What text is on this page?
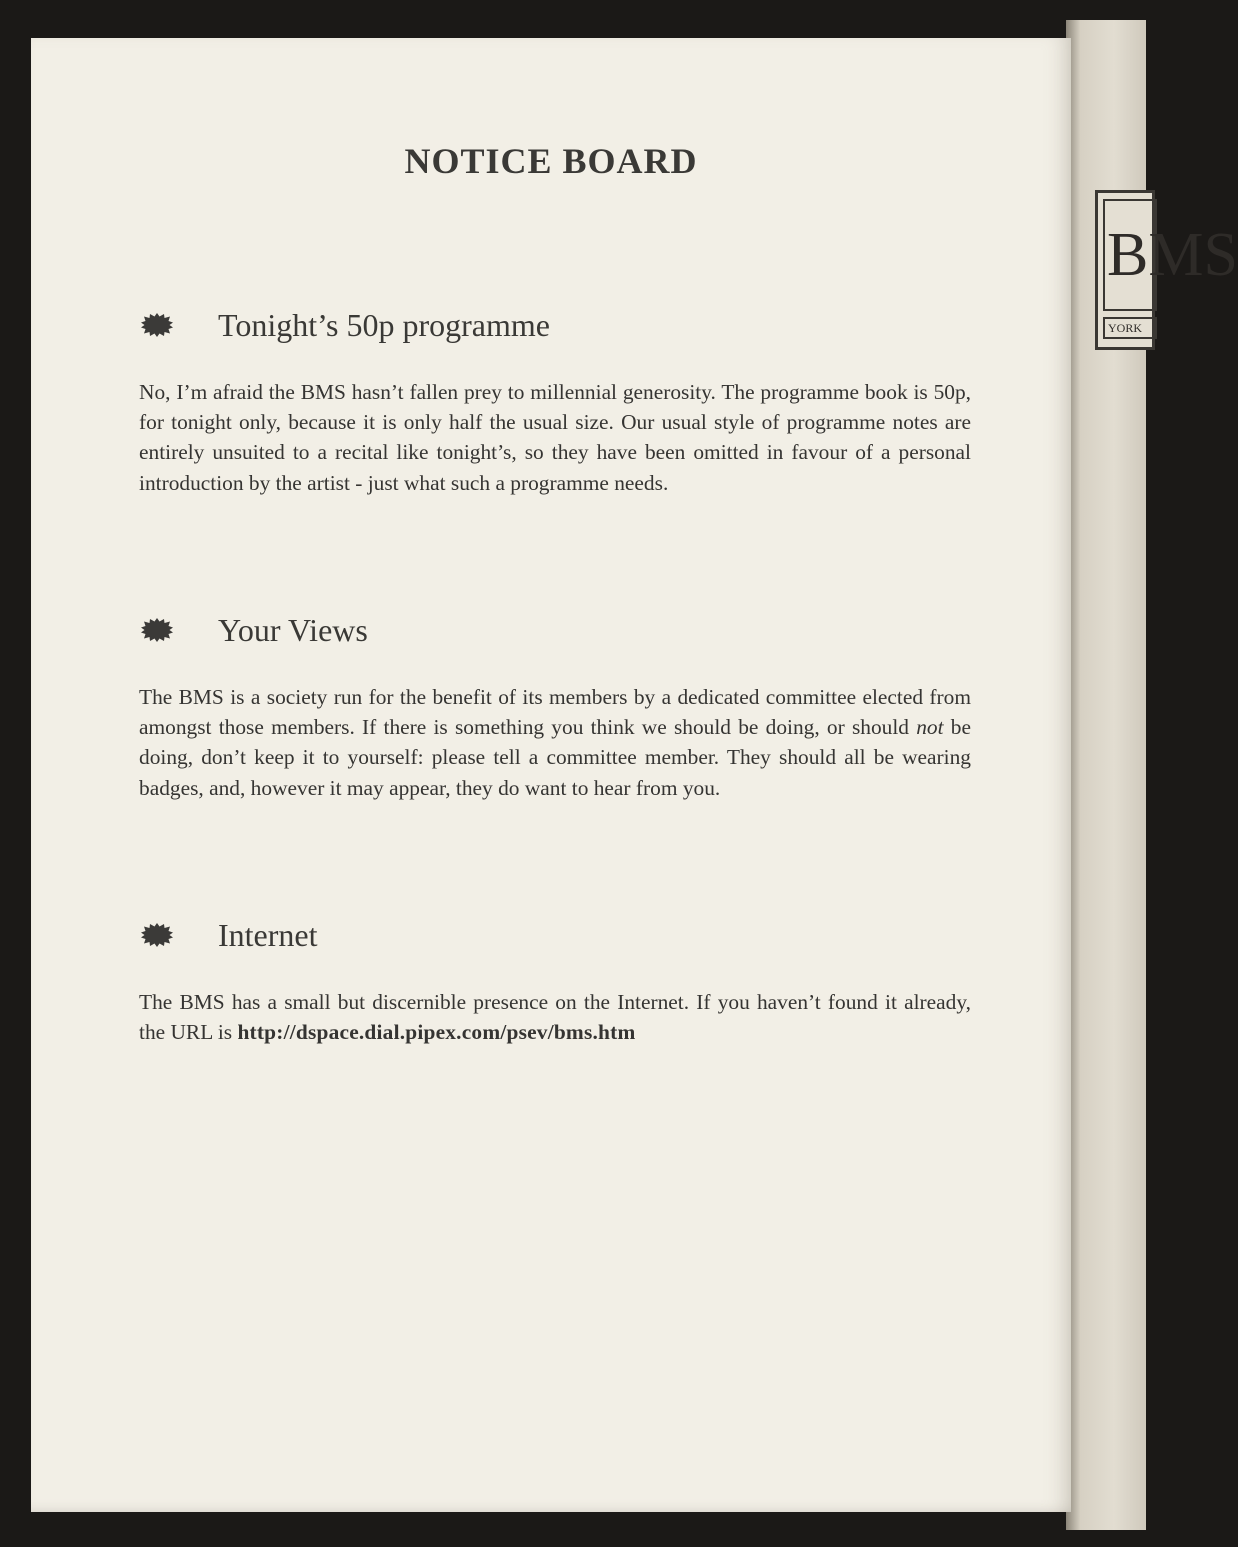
BMS
YORK
NOTICE BOARD
Tonight’s 50p programme

No, I’m afraid the BMS hasn’t fallen prey to millennial generosity. The programme book is 50p, for tonight only, because it is only half the usual size. Our usual style of programme notes are entirely unsuited to a recital like tonight’s, so they have been omitted in favour of a personal introduction by the artist - just what such a programme needs.

Your Views

The BMS is a society run for the benefit of its members by a dedicated committee elected from amongst those members. If there is something you think we should be doing, or should not be doing, don’t keep it to yourself: please tell a committee member. They should all be wearing badges, and, however it may appear, they do want to hear from you.

Internet

The BMS has a small but discernible presence on the Internet. If you haven’t found it already, the URL is http://dspace.dial.pipex.com/psev/bms.htm
